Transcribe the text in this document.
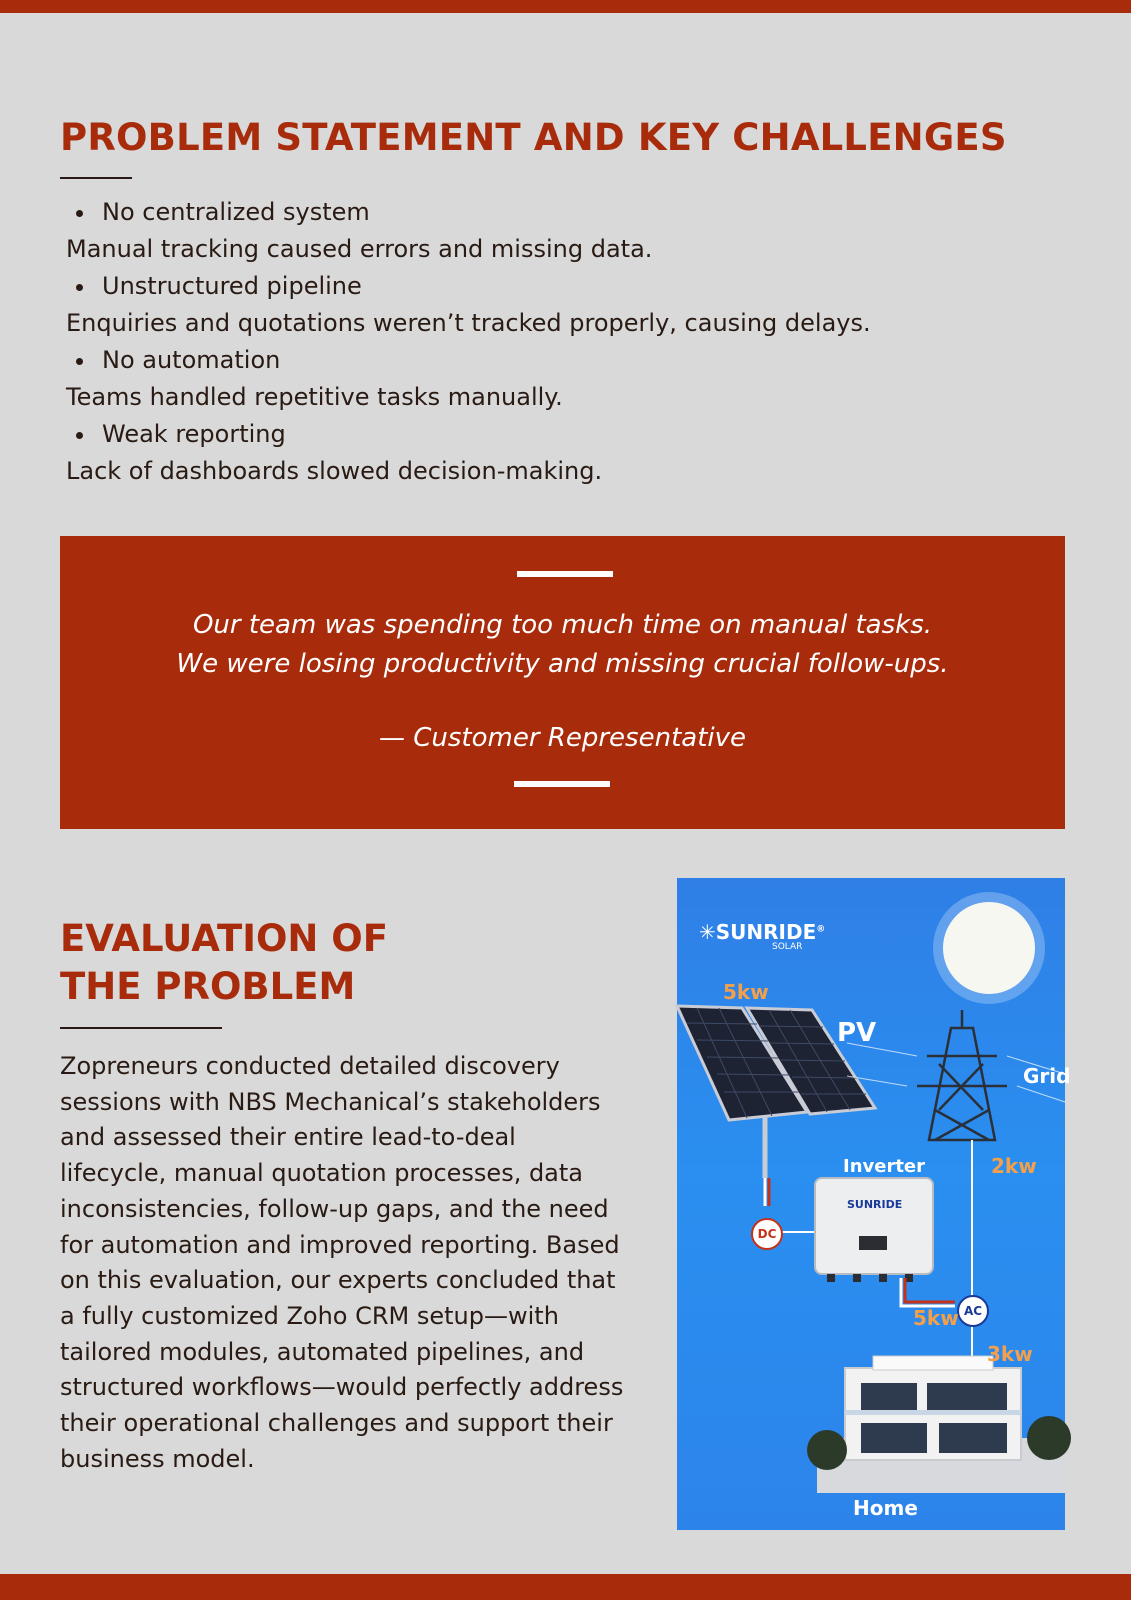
PROBLEM STATEMENT AND KEY CHALLENGES
No centralized system
Manual tracking caused errors and missing data.
Unstructured pipeline
Enquiries and quotations weren’t tracked properly, causing delays.
No automation
Teams handled repetitive tasks manually.
Weak reporting
Lack of dashboards slowed decision-making.
Our team was spending too much time on manual tasks.
We were losing productivity and missing crucial follow-ups.
— Customer Representative
EVALUATION OF
THE PROBLEM
Zopreneurs conducted detailed discovery sessions with NBS Mechanical’s stakeholders and assessed their entire lead-to-deal lifecycle, manual quotation processes, data inconsistencies, follow-up gaps, and the need for automation and improved reporting. Based on this evaluation, our experts concluded that a fully customized Zoho CRM setup—with tailored modules, automated pipelines, and structured workflows—would perfectly address their operational challenges and support their business model.
✳SUNRIDE®
SOLAR
5kw
PV
Grid
Inverter	2kw
SUNRIDE
DC
AC
5kw
3kw
Home
